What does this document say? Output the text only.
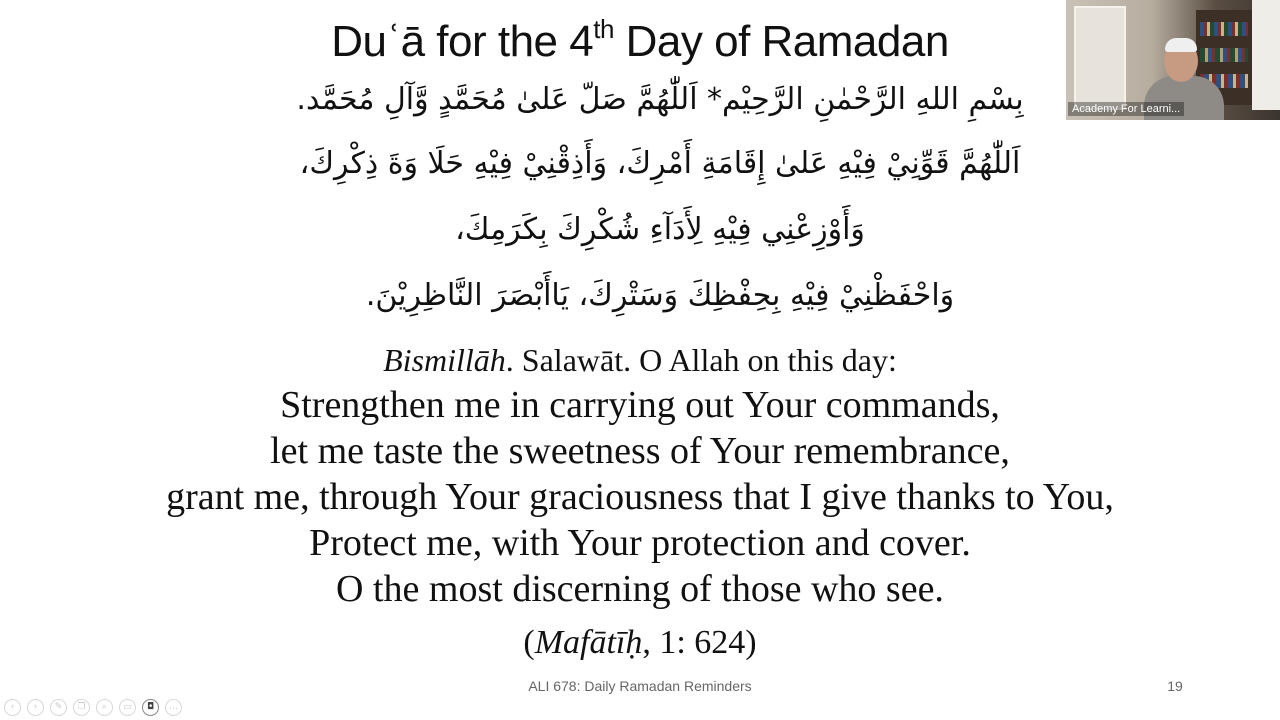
Duʿā for the 4th Day of Ramadan
بِسْمِ اللهِ الرَّحْمٰنِ الرَّحِيْم* اَللّٰهُمَّ صَلّ عَلىٰ مُحَمَّدٍ وَّآلِ مُحَمَّد.
اَللّٰهُمَّ قَوِّنِيْ فِيْهِ عَلىٰ إِقَامَةِ أَمْرِكَ، وَأَذِقْنِيْ فِيْهِ حَلَا وَةَ ذِكْرِكَ،
وَأَوْزِعْنِي فِيْهِ لِأَدَآءِ شُكْرِكَ بِكَرَمِكَ،
وَاحْفَظْنِيْ فِيْهِ بِحِفْظِكَ وَسَتْرِكَ، يَاأَبْصَرَ النَّاظِرِيْنَ.
Bismillāh. Salawāt. O Allah on this day:
Strengthen me in carrying out Your commands,
let me taste the sweetness of Your remembrance,
grant me, through Your graciousness that I give thanks to You,
Protect me, with Your protection and cover.
O the most discerning of those who see.
(Mafātīḥ, 1: 624)
ALI 678: Daily Ramadan Reminders	19
Academy For Learni...
‹ › ✎ ❐ ⌕ ▭ ◘ …
